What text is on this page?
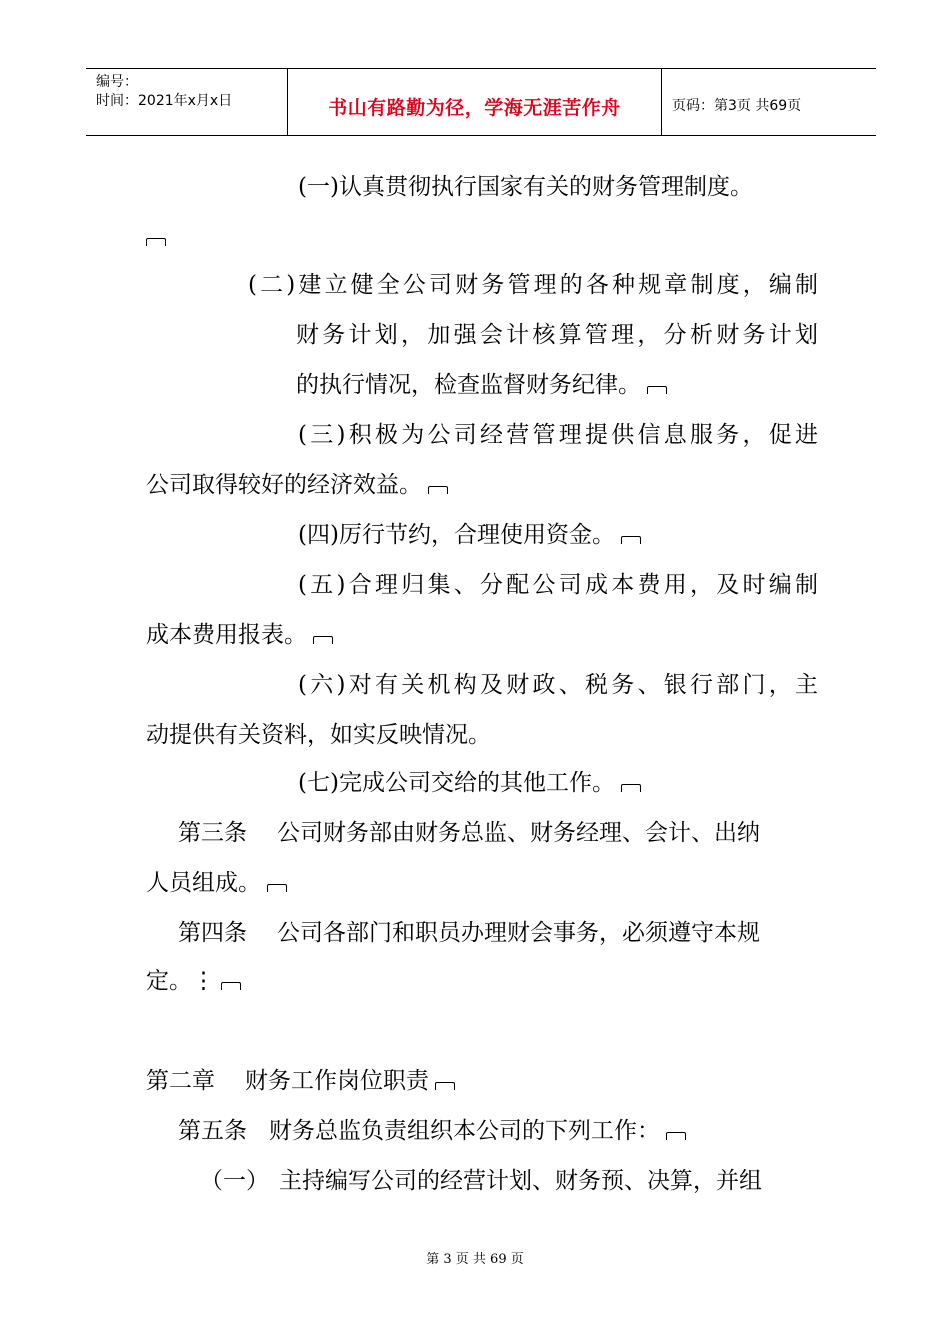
编号：
时间：2021年x月x日	书山有路勤为径，学海无涯苦作舟	页码：第3页 共69页
(一)认真贯彻执行国家有关的财务管理制度。
(二)建立健全公司财务管理的各种规章制度，编制
财务计划，加强会计核算管理，分析财务计划
的执行情况，检查监督财务纪律。
(三)积极为公司经营管理提供信息服务，促进
公司取得较好的经济效益。
(四)厉行节约，合理使用资金。
(五)合理归集、分配公司成本费用，及时编制
成本费用报表。
(六)对有关机构及财政、税务、银行部门，主
动提供有关资料，如实反映情况。
(七)完成公司交给的其他工作。
第三条 公司财务部由财务总监、财务经理、会计、出纳
人员组成。
第四条 公司各部门和职员办理财会事务，必须遵守本规
定。⋮
第二章 财务工作岗位职责
第五条 财务总监负责组织本公司的下列工作：
（一） 主持编写公司的经营计划、财务预、决算，并组
第 3 页 共 69 页
